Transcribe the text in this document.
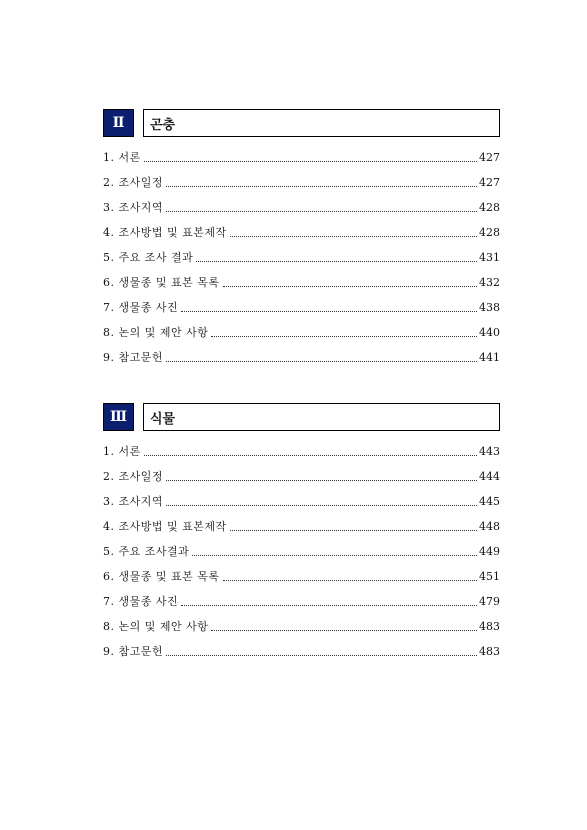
Ⅱ	곤충
1. 서론	427
2. 조사일정	427
3. 조사지역	428
4. 조사방법 및 표본제작	428
5. 주요 조사 결과	431
6. 생물종 및 표본 목록	432
7. 생물종 사진	438
8. 논의 및 제안 사항	440
9. 참고문헌	441
Ⅲ	식물
1. 서론	443
2. 조사일정	444
3. 조사지역	445
4. 조사방법 및 표본제작	448
5. 주요 조사결과	449
6. 생물종 및 표본 목록	451
7. 생물종 사진	479
8. 논의 및 제안 사항	483
9. 참고문헌	483
